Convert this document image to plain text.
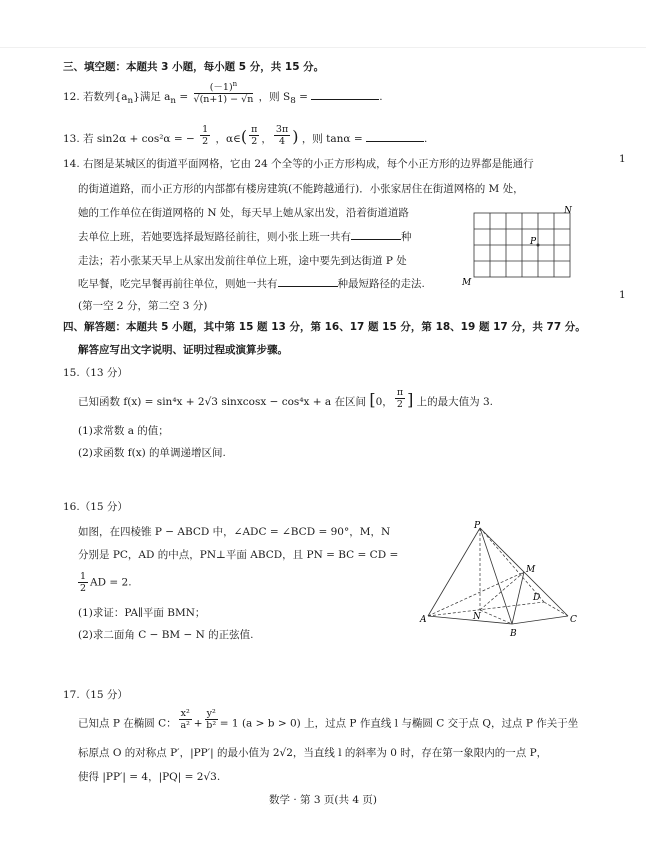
三、填空题：本题共 3 小题，每小题 5 分，共 15 分。
12. 若数列$\{a_n\}$满足 $a_n = \frac{(-1)^n}{√(n+1) - √n}$ ，则 $S_8$ =	.
13. 若 sin2α + cos²α = − $\frac{1}{2}$ ，α∈( $\frac{\pi}{2}$ ， $\frac{3\pi}{4}$ ) ，则 tanα =	.
1
1
14. 右图是某城区的街道平面网格，它由 24 个全等的小正方形构成，每个小正方形的边界都是能通行
的街道道路，而小正方形的内部都有楼房建筑(不能跨越通行)．小张家居住在街道网格的 M 处，
她的工作单位在街道网格的 N 处，每天早上她从家出发，沿着街道道路
去单位上班，若她要选择最短路径前往，则小张上班一共有	种
走法；若小张某天早上从家出发前往单位上班，途中要先到达街道 P 处
吃早餐，吃完早餐再前往单位，则她一共有	种最短路径的走法.
(第一空 2 分，第二空 3 分)
M
N
P
四、解答题：本题共 5 小题，其中第 15 题 13 分，第 16、17 题 15 分，第 18、19 题 17 分，共 77 分。
解答应写出文字说明、证明过程或演算步骤。
15.（13 分）
已知函数 f(x) = sin⁴x + 2√3 sinxcosx − cos⁴x + a 在区间 [0， $\frac{\pi}{2}$ ] 上的最大值为 3.
(1)求常数 a 的值；
(2)求函数 f(x) 的单调递增区间.
16.（15 分）
如图，在四棱锥 P − ABCD 中，∠ADC = ∠BCD = 90°，M，N
分别是 PC，AD 的中点，PN⊥平面 ABCD，且 PN = BC = CD =
$\frac{1}{2}$ AD = 2.
(1)求证：PA∥平面 BMN；
(2)求二面角 C − BM − N 的正弦值.
P
A
B
C
D
M
N
17.（15 分）
已知点 P 在椭圆 C： $\frac{\text{x²}}{\text{a²}} + \frac{\text{y²}}{\text{b²}} = 1$ (a > b > 0) 上，过点 P 作直线 l 与椭圆 C 交于点 Q，过点 P 作关于坐
标原点 O 的对称点 P′，|PP′| 的最小值为 2√2，当直线 l 的斜率为 0 时，存在第一象限内的一点 P，
使得 |PP′| = 4，|PQ| = 2√3.
数学 · 第 3 页(共 4 页)
